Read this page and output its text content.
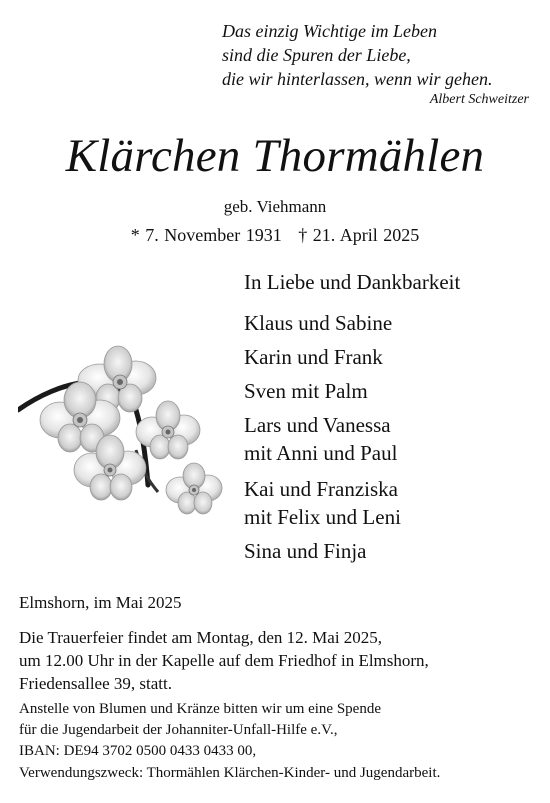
Das einzig Wichtige im Leben
sind die Spuren der Liebe,
die wir hinterlassen, wenn wir gehen.
Albert Schweitzer
Klärchen Thormählen
geb. Viehmann
* 7. November 1931   † 21. April 2025
In Liebe und Dankbarkeit
Klaus und Sabine
Karin und Frank
Sven mit Palm
Lars und Vanessa
mit Anni und Paul
Kai und Franziska
mit Felix und Leni
Sina und Finja
Elmshorn, im Mai 2025
Die Trauerfeier findet am Montag, den 12. Mai 2025,
um 12.00 Uhr in der Kapelle auf dem Friedhof in Elmshorn,
Friedensallee 39, statt.
Anstelle von Blumen und Kränze bitten wir um eine Spende
für die Jugendarbeit der Johanniter-Unfall-Hilfe e.V.,
IBAN: DE94 3702 0500 0433 0433 00,
Verwendungszweck: Thormählen Klärchen-Kinder- und Jugendarbeit.
